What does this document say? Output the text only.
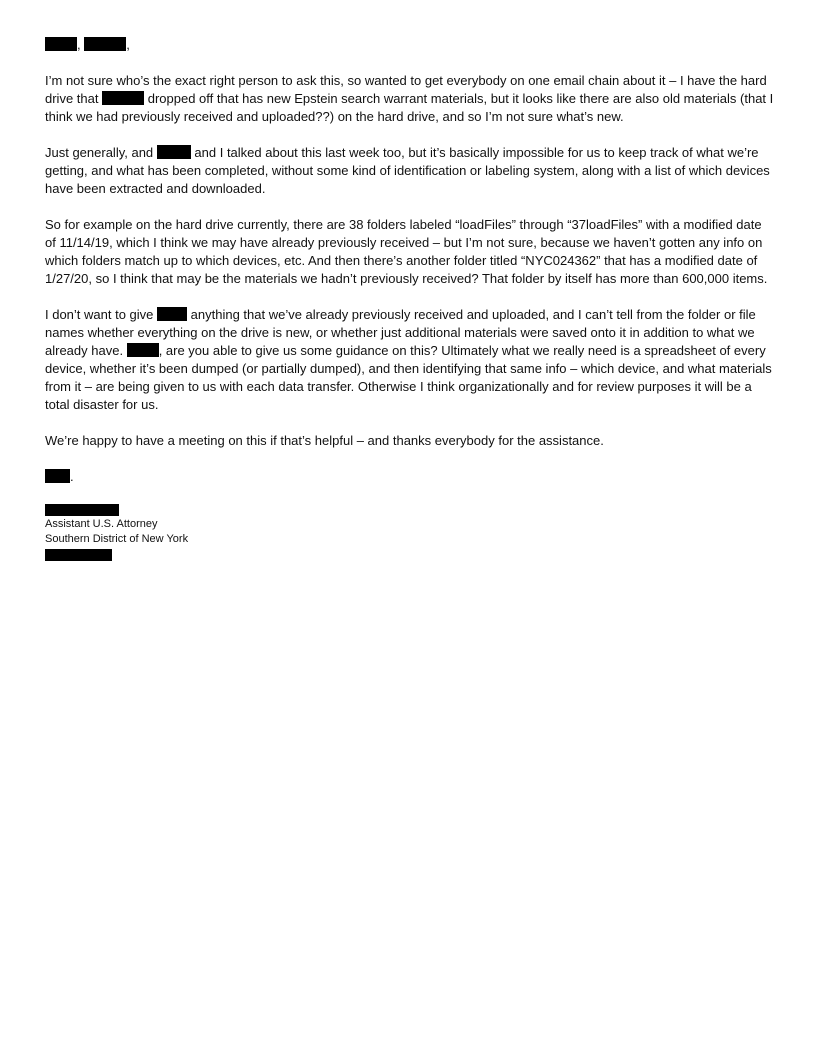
,	,

I’m not sure who’s the exact right person to ask this, so wanted to get everybody on one email chain about it – I have the hard drive that	dropped off that has new Epstein search warrant materials, but it looks like there are also old materials (that I think we had previously received and uploaded??) on the hard drive, and so I’m not sure what’s new.

Just generally, and	and I talked about this last week too, but it’s basically impossible for us to keep track of what we’re getting, and what has been completed, without some kind of identification or labeling system, along with a list of which devices have been extracted and downloaded.

So for example on the hard drive currently, there are 38 folders labeled “loadFiles” through “37loadFiles” with a modified date of 11/14/19, which I think we may have already previously received – but I’m not sure, because we haven’t gotten any info on which folders match up to which devices, etc. And then there’s another folder titled “NYC024362” that has a modified date of 1/27/20, so I think that may be the materials we hadn’t previously received? That folder by itself has more than 600,000 items.

I don’t want to give	anything that we’ve already previously received and uploaded, and I can’t tell from the folder or file names whether everything on the drive is new, or whether just additional materials were saved onto it in addition to what we already have.	, are you able to give us some guidance on this? Ultimately what we really need is a spreadsheet of every device, whether it’s been dumped (or partially dumped), and then identifying that same info – which device, and what materials from it – are being given to us with each data transfer. Otherwise I think organizationally and for review purposes it will be a total disaster for us.

We’re happy to have a meeting on this if that’s helpful – and thanks everybody for the assistance.

.
Assistant U.S. Attorney
Southern District of New York
